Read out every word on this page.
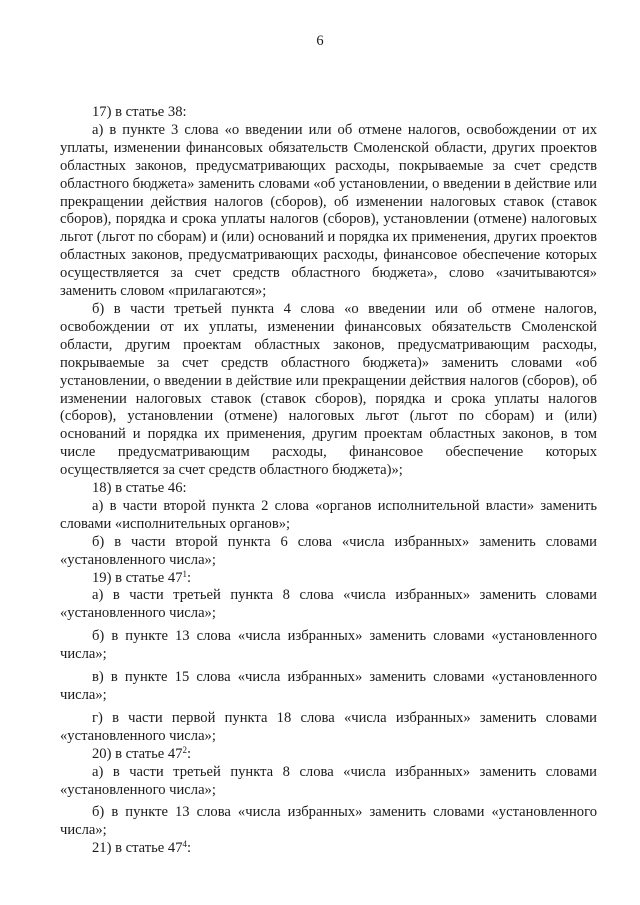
6

17) в статье 38:

а) в пункте 3 слова «о введении или об отмене налогов, освобождении от их уплаты, изменении финансовых обязательств Смоленской области, других проектов областных законов, предусматривающих расходы, покрываемые за счет средств областного бюджета» заменить словами «об установлении, о введении в действие или прекращении действия налогов (сборов), об изменении налоговых ставок (ставок сборов), порядка и срока уплаты налогов (сборов), установлении (отмене) налоговых льгот (льгот по сборам) и (или) оснований и порядка их применения, других проектов областных законов, предусматривающих расходы, финансовое обеспечение которых осуществляется за счет средств областного бюджета», слово «зачитываются» заменить словом «прилагаются»;

б) в части третьей пункта 4 слова «о введении или об отмене налогов, освобождении от их уплаты, изменении финансовых обязательств Смоленской области, другим проектам областных законов, предусматривающим расходы, покрываемые за счет средств областного бюджета)» заменить словами «об установлении, о введении в действие или прекращении действия налогов (сборов), об изменении налоговых ставок (ставок сборов), порядка и срока уплаты налогов (сборов), установлении (отмене) налоговых льгот (льгот по сборам) и (или) оснований и порядка их применения, другим проектам областных законов, в том числе предусматривающим расходы, финансовое обеспечение которых осуществляется за счет средств областного бюджета)»;

18) в статье 46:

а) в части второй пункта 2 слова «органов исполнительной власти» заменить словами «исполнительных органов»;

б) в части второй пункта 6 слова «числа избранных» заменить словами «установленного числа»;

19) в статье $47^1$:

а) в части третьей пункта 8 слова «числа избранных» заменить словами «установленного числа»;

б) в пункте 13 слова «числа избранных» заменить словами «установленного числа»;

в) в пункте 15 слова «числа избранных» заменить словами «установленного числа»;

г) в части первой пункта 18 слова «числа избранных» заменить словами «установленного числа»;

20) в статье $47^2$:

а) в части третьей пункта 8 слова «числа избранных» заменить словами «установленного числа»;

б) в пункте 13 слова «числа избранных» заменить словами «установленного числа»;

21) в статье $47^4$:
